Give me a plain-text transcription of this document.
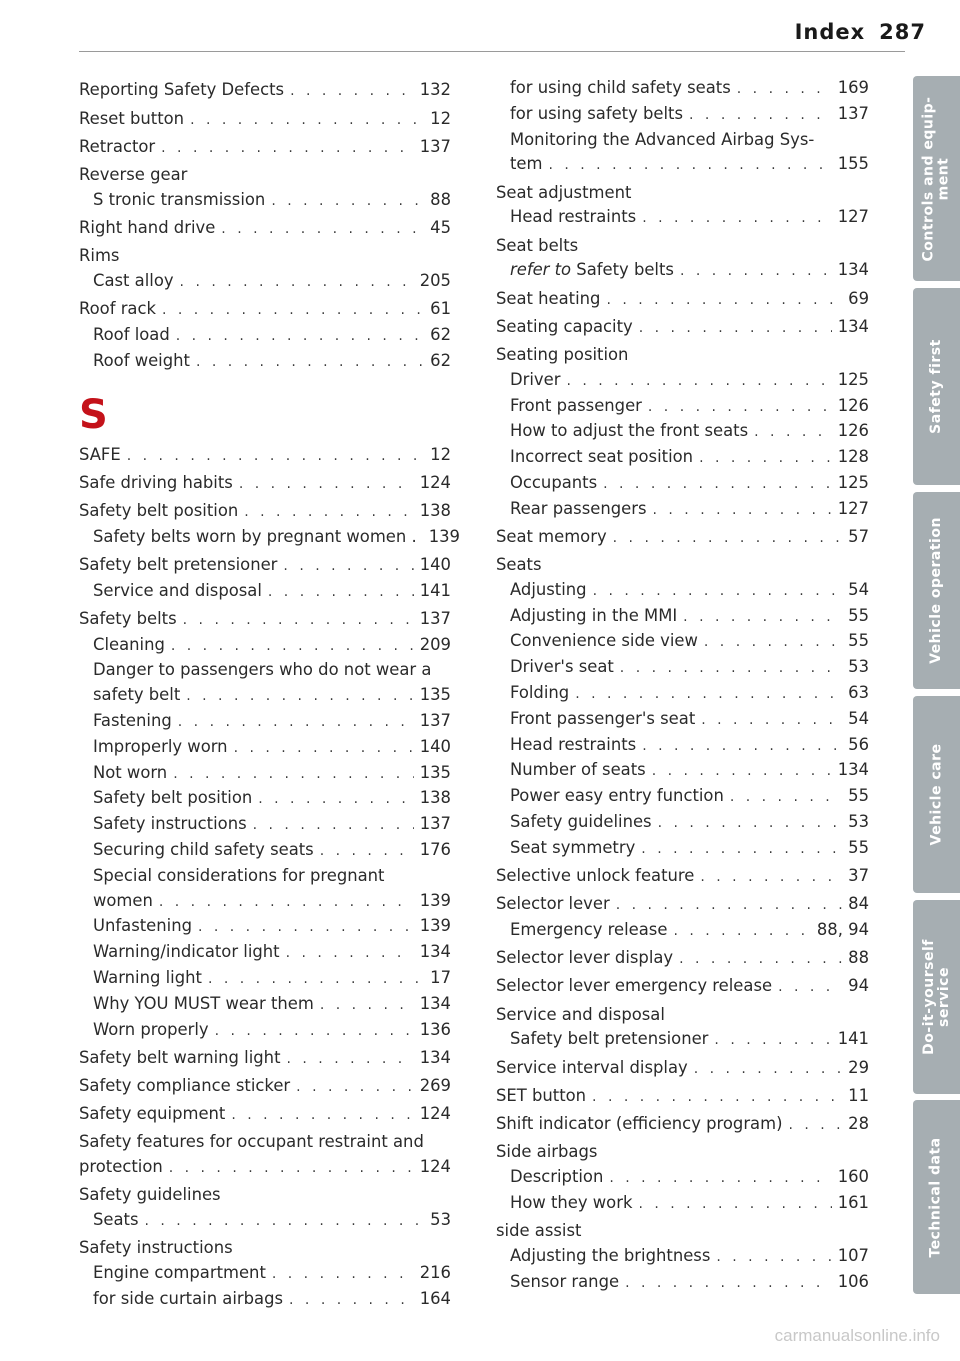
Index 287
Reporting Safety Defects . . .	132
Reset button . . .	12
Retractor . . .	137
Reverse gear
S tronic transmission . . .	88
Right hand drive . . .	45
Rims
Cast alloy . . .	205
Roof rack . . .	61
Roof load . . .	62
Roof weight . . .	62
S
SAFE . . .	12
Safe driving habits . . .	124
Safety belt position . . .	138
Safety belts worn by pregnant women . 139
Safety belt pretensioner . . .	140
Service and disposal . . .	141
Safety belts . . .	137
Cleaning . . .	209
Danger to passengers who do not wear a
safety belt . . .	135
Fastening . . .	137
Improperly worn . . .	140
Not worn . . .	135
Safety belt position . . .	138
Safety instructions . . .	137
Securing child safety seats . . .	176
Special considerations for pregnant
women . . .	139
Unfastening . . .	139
Warning/indicator light . . .	134
Warning light . . .	17
Why YOU MUST wear them . . .	134
Worn properly . . .	136
Safety belt warning light . . .	134
Safety compliance sticker . . .	269
Safety equipment . . .	124
Safety features for occupant restraint and
protection . . .	124
Safety guidelines
Seats . . .	53
Safety instructions
Engine compartment . . .	216
for side curtain airbags . . .	164
for using child safety seats . . .	169
for using safety belts . . .	137
Monitoring the Advanced Airbag Sys-
tem . . .	155
Seat adjustment
Head restraints . . .	127
Seat belts
refer to Safety belts . . .	134
Seat heating . . .	69
Seating capacity . . .	134
Seating position
Driver . . .	125
Front passenger . . .	126
How to adjust the front seats . . .	126
Incorrect seat position . . .	128
Occupants . . .	125
Rear passengers . . .	127
Seat memory . . .	57
Seats
Adjusting . . .	54
Adjusting in the MMI . . .	55
Convenience side view . . .	55
Driver's seat . . .	53
Folding . . .	63
Front passenger's seat . . .	54
Head restraints . . .	56
Number of seats . . .	134
Power easy entry function . . .	55
Safety guidelines . . .	53
Seat symmetry . . .	55
Selective unlock feature . . .	37
Selector lever . . .	84
Emergency release . . .	88, 94
Selector lever display . . .	88
Selector lever emergency release . . .	94
Service and disposal
Safety belt pretensioner . . .	141
Service interval display . . .	29
SET button . . .	11
Shift indicator (efficiency program) . . .	28
Side airbags
Description . . .	160
How they work . . .	161
side assist
Adjusting the brightness . . .	107
Sensor range . . .	106
Controls and equip- ment
Safety first
Vehicle operation
Vehicle care
Do-it-yourself service
Technical data
carmanualsonline.info
